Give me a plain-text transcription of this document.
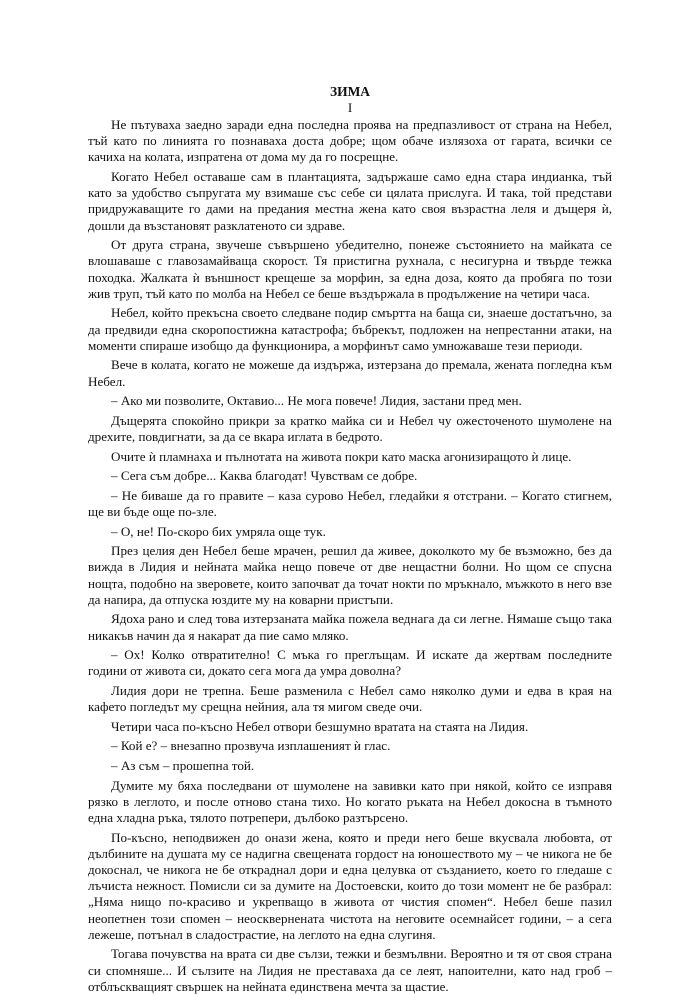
ЗИМА
I

Не пътуваха заедно заради една последна проява на предпазливост от страна на Небел, тъй като по линията го познаваха доста добре; щом обаче излязоха от гарата, всички се качиха на колата, изпратена от дома му да го посрещне.

Когато Небел оставаше сам в плантацията, задържаше само една стара индианка, тъй като за удобство съпругата му взимаше със себе си цялата прислуга. И така, той представи придружаващите го дами на предания местна жена като своя възрастна леля и дъщеря ѝ, дошли да възстановят разклатеното си здраве.

От друга страна, звучеше съвършено убедително, понеже състоянието на майката се влошаваше с главозамайваща скорост. Тя пристигна рухнала, с несигурна и твърде тежка походка. Жалката ѝ външност крещеше за морфин, за една доза, която да пробяга по този жив труп, тъй като по молба на Небел се беше въздържала в продължение на четири часа.

Небел, който прекъсна своето следване подир смъртта на баща си, знаеше достатъчно, за да предвиди една скоропостижна катастрофа; бъбрекът, подложен на непрестанни атаки, на моменти спираше изобщо да функционира, а морфинът само умножаваше тези периоди.

Вече в колата, когато не можеше да издържа, изтерзана до премала, жената погледна към Небел.

– Ако ми позволите, Октавио... Не мога повече! Лидия, застани пред мен.

Дъщерята спокойно прикри за кратко майка си и Небел чу ожесточеното шумолене на дрехите, повдигнати, за да се вкара иглата в бедрото.

Очите ѝ пламнаха и пълнотата на живота покри като маска агонизиращото ѝ лице.

– Сега съм добре... Каква благодат! Чувствам се добре.

– Не биваше да го правите – каза сурово Небел, гледайки я отстрани. – Когато стигнем, ще ви бъде още по-зле.

– О, не! По-скоро бих умряла още тук.

През целия ден Небел беше мрачен, решил да живее, доколкото му бе възможно, без да вижда в Лидия и нейната майка нещо повече от две нещастни болни. Но щом се спусна нощта, подобно на зверовете, които започват да точат нокти по мръкнало, мъжкото в него взе да напира, да отпуска юздите му на коварни пристъпи.

Ядоха рано и след това изтерзаната майка пожела веднага да си легне. Нямаше също така никакъв начин да я накарат да пие само мляко.

– Ох! Колко отвратително! С мъка го преглъщам. И искате да жертвам последните години от живота си, докато сега мога да умра доволна?

Лидия дори не трепна. Беше разменила с Небел само няколко думи и едва в края на кафето погледът му срещна нейния, ала тя мигом сведе очи.

Четири часа по-късно Небел отвори безшумно вратата на стаята на Лидия.

– Кой е? – внезапно прозвуча изплашеният ѝ глас.

– Аз съм – прошепна той.

Думите му бяха последвани от шумолене на завивки като при някой, който се изправя рязко в леглото, и после отново стана тихо. Но когато ръката на Небел докосна в тъмното една хладна ръка, тялото потрепери, дълбоко разтърсено.

По-късно, неподвижен до онази жена, която и преди него беше вкусвала любовта, от дълбините на душата му се надигна свещената гордост на юношеството му – че никога не бе докоснал, че никога не бе откраднал дори и една целувка от създанието, което го гледаше с лъчиста нежност. Помисли си за думите на Достоевски, които до този момент не бе разбрал: „Няма нищо по-красиво и укрепващо в живота от чистия спомен“. Небел беше пазил неопетнен този спомен – неосквернената чистота на неговите осемнайсет години, – а сега лежеше, потънал в сладострастие, на леглото на една слугиня.

Тогава почувства на врата си две сълзи, тежки и безмълвни. Вероятно и тя от своя страна си спомняше... И сълзите на Лидия не преставаха да се леят, напоителни, като над гроб – отблъскващият свършек на нейната единствена мечта за щастие.
